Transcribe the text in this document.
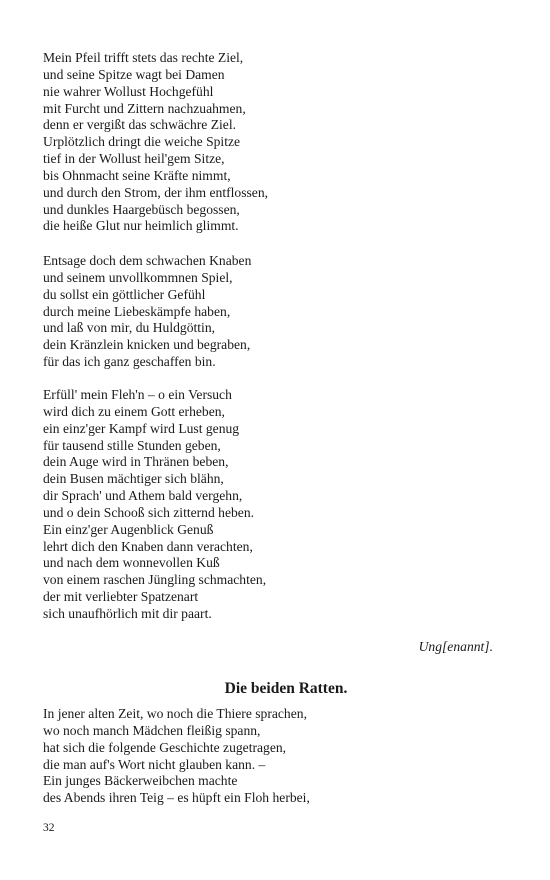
Mein Pfeil trifft stets das rechte Ziel,
und seine Spitze wagt bei Damen
nie wahrer Wollust Hochgefühl
mit Furcht und Zittern nachzuahmen,
denn er vergißt das schwächre Ziel.
Urplötzlich dringt die weiche Spitze
tief in der Wollust heil'gem Sitze,
bis Ohnmacht seine Kräfte nimmt,
und durch den Strom, der ihm entflossen,
und dunkles Haargebüsch begossen,
die heiße Glut nur heimlich glimmt.
Entsage doch dem schwachen Knaben
und seinem unvollkommnen Spiel,
du sollst ein göttlicher Gefühl
durch meine Liebeskämpfe haben,
und laß von mir, du Huldgöttin,
dein Kränzlein knicken und begraben,
für das ich ganz geschaffen bin.
Erfüll' mein Fleh'n – o ein Versuch
wird dich zu einem Gott erheben,
ein einz'ger Kampf wird Lust genug
für tausend stille Stunden geben,
dein Auge wird in Thränen beben,
dein Busen mächtiger sich blähn,
dir Sprach' und Athem bald vergehn,
und o dein Schooß sich zitternd heben.
Ein einz'ger Augenblick Genuß
lehrt dich den Knaben dann verachten,
und nach dem wonnevollen Kuß
von einem raschen Jüngling schmachten,
der mit verliebter Spatzenart
sich unaufhörlich mit dir paart.
Ung[enannt].
Die beiden Ratten.
In jener alten Zeit, wo noch die Thiere sprachen,
wo noch manch Mädchen fleißig spann,
hat sich die folgende Geschichte zugetragen,
die man auf's Wort nicht glauben kann. –
Ein junges Bäckerweibchen machte
des Abends ihren Teig – es hüpft ein Floh herbei,
32
